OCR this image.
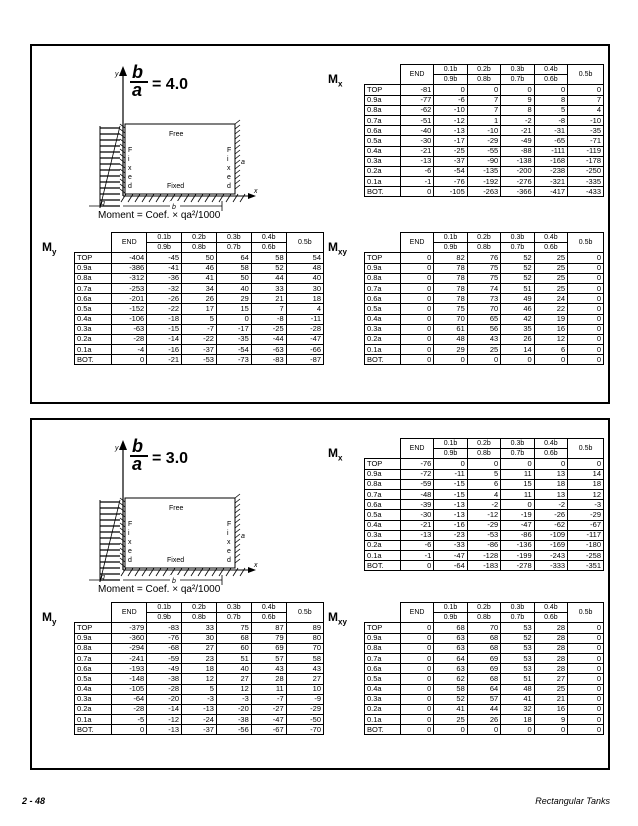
y
x
b
a = 4.0
Free
Fixed
F
i
x
e
d
F
i
x
e
d
a
q
b
Moment = Coef. × qa²/1000
$M_x$
	END	0.1b	0.2b	0.3b	0.4b	0.5b
		0.9b	0.8b	0.7b	0.6b	
TOP	-81	0	0	0	0	0
0.9a	-77	-6	7	9	8	7
0.8a	-62	-10	7	8	5	4
0.7a	-51	-12	1	-2	-8	-10
0.6a	-40	-13	-10	-21	-31	-35
0.5a	-30	-17	-29	-49	-65	-71
0.4a	-21	-25	-55	-88	-111	-119
0.3a	-13	-37	-90	-138	-168	-178
0.2a	-6	-54	-135	-200	-238	-250
0.1a	-1	-76	-192	-276	-321	-335
BOT.	0	-105	-263	-366	-417	-433
$M_y$
	END	0.1b	0.2b	0.3b	0.4b	0.5b
		0.9b	0.8b	0.7b	0.6b	
TOP	-404	-45	50	64	58	54
0.9a	-386	-41	46	58	52	48
0.8a	-312	-36	41	50	44	40
0.7a	-253	-32	34	40	33	30
0.6a	-201	-26	26	29	21	18
0.5a	-152	-22	17	15	7	4
0.4a	-106	-18	5	0	-8	-11
0.3a	-63	-15	-7	-17	-25	-28
0.2a	-28	-14	-22	-35	-44	-47
0.1a	-4	-16	-37	-54	-63	-66
BOT.	0	-21	-53	-73	-83	-87
$M_{xy}$
	END	0.1b	0.2b	0.3b	0.4b	0.5b
		0.9b	0.8b	0.7b	0.6b	
TOP	0	82	76	52	25	0
0.9a	0	78	75	52	25	0
0.8a	0	78	75	52	25	0
0.7a	0	78	74	51	25	0
0.6a	0	78	73	49	24	0
0.5a	0	75	70	46	22	0
0.4a	0	70	65	42	19	0
0.3a	0	61	56	35	16	0
0.2a	0	48	43	26	12	0
0.1a	0	29	25	14	6	0
BOT.	0	0	0	0	0	0
y
x
b
a = 3.0
Free
Fixed
F
i
x
e
d
F
i
x
e
d
a
q
b
Moment = Coef. × qa²/1000
$M_x$
	END	0.1b	0.2b	0.3b	0.4b	0.5b
		0.9b	0.8b	0.7b	0.6b	
TOP	-76	0	0	0	0	0
0.9a	-72	-11	5	11	13	14
0.8a	-59	-15	6	15	18	18
0.7a	-48	-15	4	11	13	12
0.6a	-39	-13	-2	0	-2	-3
0.5a	-30	-13	-12	-19	-26	-29
0.4a	-21	-16	-29	-47	-62	-67
0.3a	-13	-23	-53	-86	-109	-117
0.2a	-6	-33	-86	-136	-169	-180
0.1a	-1	-47	-128	-199	-243	-258
BOT.	0	-64	-183	-278	-333	-351
$M_y$
	END	0.1b	0.2b	0.3b	0.4b	0.5b
		0.9b	0.8b	0.7b	0.6b	
TOP	-379	-83	33	75	87	89
0.9a	-360	-76	30	68	79	80
0.8a	-294	-68	27	60	69	70
0.7a	-241	-59	23	51	57	58
0.6a	-193	-49	18	40	43	43
0.5a	-148	-38	12	27	28	27
0.4a	-105	-28	5	12	11	10
0.3a	-64	-20	-3	-3	-7	-9
0.2a	-28	-14	-13	-20	-27	-29
0.1a	-5	-12	-24	-38	-47	-50
BOT.	0	-13	-37	-56	-67	-70
$M_{xy}$
	END	0.1b	0.2b	0.3b	0.4b	0.5b
		0.9b	0.8b	0.7b	0.6b	
TOP	0	68	70	53	28	0
0.9a	0	63	68	52	28	0
0.8a	0	63	68	53	28	0
0.7a	0	64	69	53	28	0
0.6a	0	63	69	53	28	0
0.5a	0	62	68	51	27	0
0.4a	0	58	64	48	25	0
0.3a	0	52	57	41	21	0
0.2a	0	41	44	32	16	0
0.1a	0	25	26	18	9	0
BOT.	0	0	0	0	0	0
2 - 48	Rectangular Tanks
